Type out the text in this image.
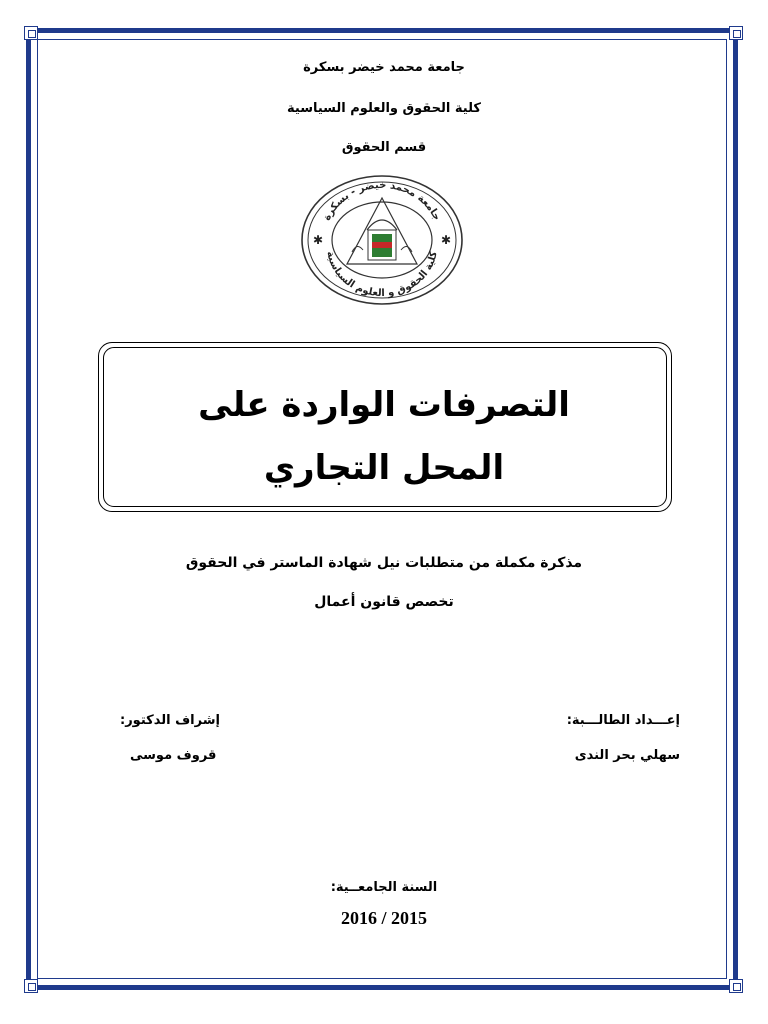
جامعة محمد خيضر بسكرة
كلية الحقوق والعلوم السياسية
قسم الحقوق
جامعة محمد خيضر - بسكرة
كلية الحقوق و العلوم السياسية
✱	✱
التصرفات الواردة على
المحل التجاري
مذكرة مكملة من متطلبات نيل شهادة الماستر في الحقوق
تخصص قانون أعمال
إعـــداد الطالـــبة:
سهلي بحر الندى
إشراف الدكتور:
قروف موسى
السنة الجامعــية:
2016 / 2015
